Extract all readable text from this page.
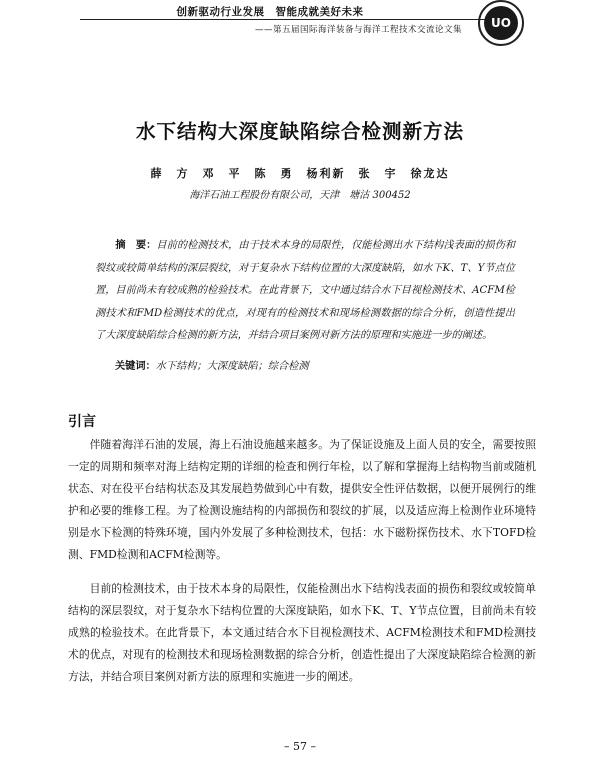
创新驱动行业发展　智能成就美好未来
——第五届国际海洋装备与海洋工程技术交流论文集	UO
水下结构大深度缺陷综合检测新方法
薛　方　邓　平　陈　勇　杨利新　张　宇　徐龙达
海洋石油工程股份有限公司，天津　塘沽 300452
摘　要：目前的检测技术，由于技术本身的局限性，仅能检测出水下结构浅表面的损伤和裂纹或较简单结构的深层裂纹，对于复杂水下结构位置的大深度缺陷，如水下K、T、Y节点位置，目前尚未有较成熟的检验技术。在此背景下，文中通过结合水下目视检测技术、ACFM检测技术和FMD检测技术的优点，对现有的检测技术和现场检测数据的综合分析，创造性提出了大深度缺陷综合检测的新方法，并结合项目案例对新方法的原理和实施进一步的阐述。
关键词：水下结构；大深度缺陷；综合检测
引言

伴随着海洋石油的发展，海上石油设施越来越多。为了保证设施及上面人员的安全，需要按照一定的周期和频率对海上结构定期的详细的检查和例行年检，以了解和掌握海上结构物当前或随机状态、对在役平台结构状态及其发展趋势做到心中有数，提供安全性评估数据，以便开展例行的维护和必要的维修工程。为了检测设施结构的内部损伤和裂纹的扩展，以及适应海上检测作业环境特别是水下检测的特殊环境，国内外发展了多种检测技术，包括：水下磁粉探伤技术、水下TOFD检测、FMD检测和ACFM检测等。

目前的检测技术，由于技术本身的局限性，仅能检测出水下结构浅表面的损伤和裂纹或较简单结构的深层裂纹，对于复杂水下结构位置的大深度缺陷，如水下K、T、Y节点位置，目前尚未有较成熟的检验技术。在此背景下，本文通过结合水下目视检测技术、ACFM检测技术和FMD检测技术的优点，对现有的检测技术和现场检测数据的综合分析，创造性提出了大深度缺陷综合检测的新方法，并结合项目案例对新方法的原理和实施进一步的阐述。

– 57 –
